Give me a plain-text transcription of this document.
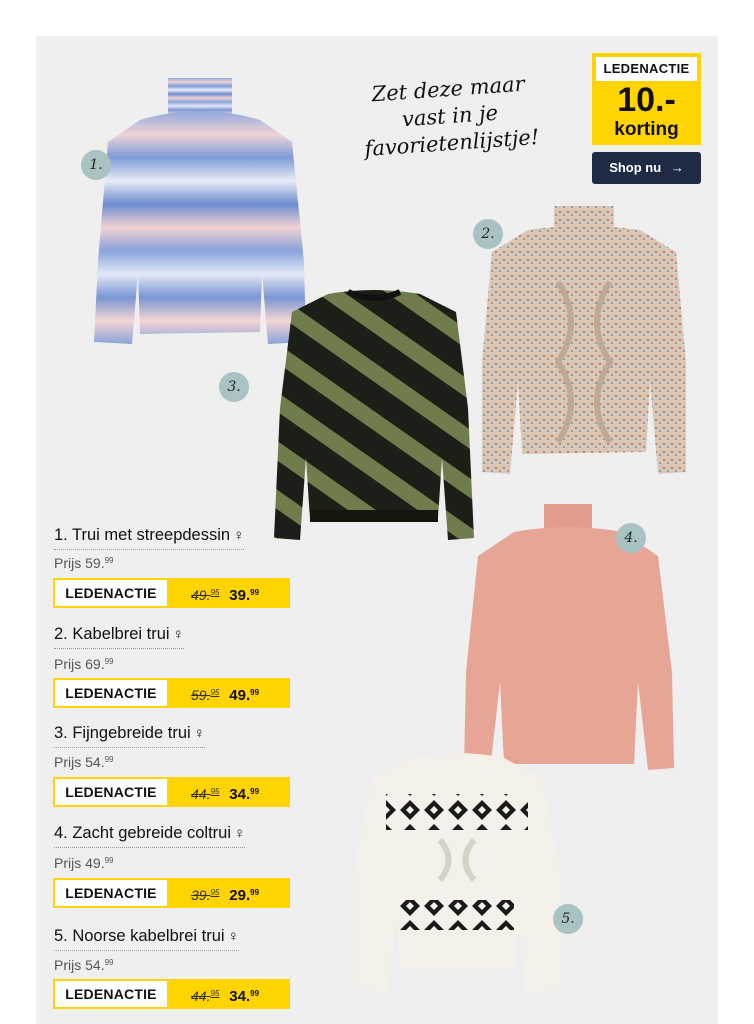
Zet deze maar
vast in je
favorietenlijstje!
LEDENACTIE
10.-
korting
Shop nu →
1.
2.
3.
4.
5.
1. Trui met streepdessin ♀
Prijs 59.99
LEDENACTIE	49.95 39.99
2. Kabelbrei trui ♀
Prijs 69.99
LEDENACTIE	59.95 49.99
3. Fijngebreide trui ♀
Prijs 54.99
LEDENACTIE	44.95 34.99
4. Zacht gebreide coltrui ♀
Prijs 49.99
LEDENACTIE	39.95 29.99
5. Noorse kabelbrei trui ♀
Prijs 54.99
LEDENACTIE	44.95 34.99
